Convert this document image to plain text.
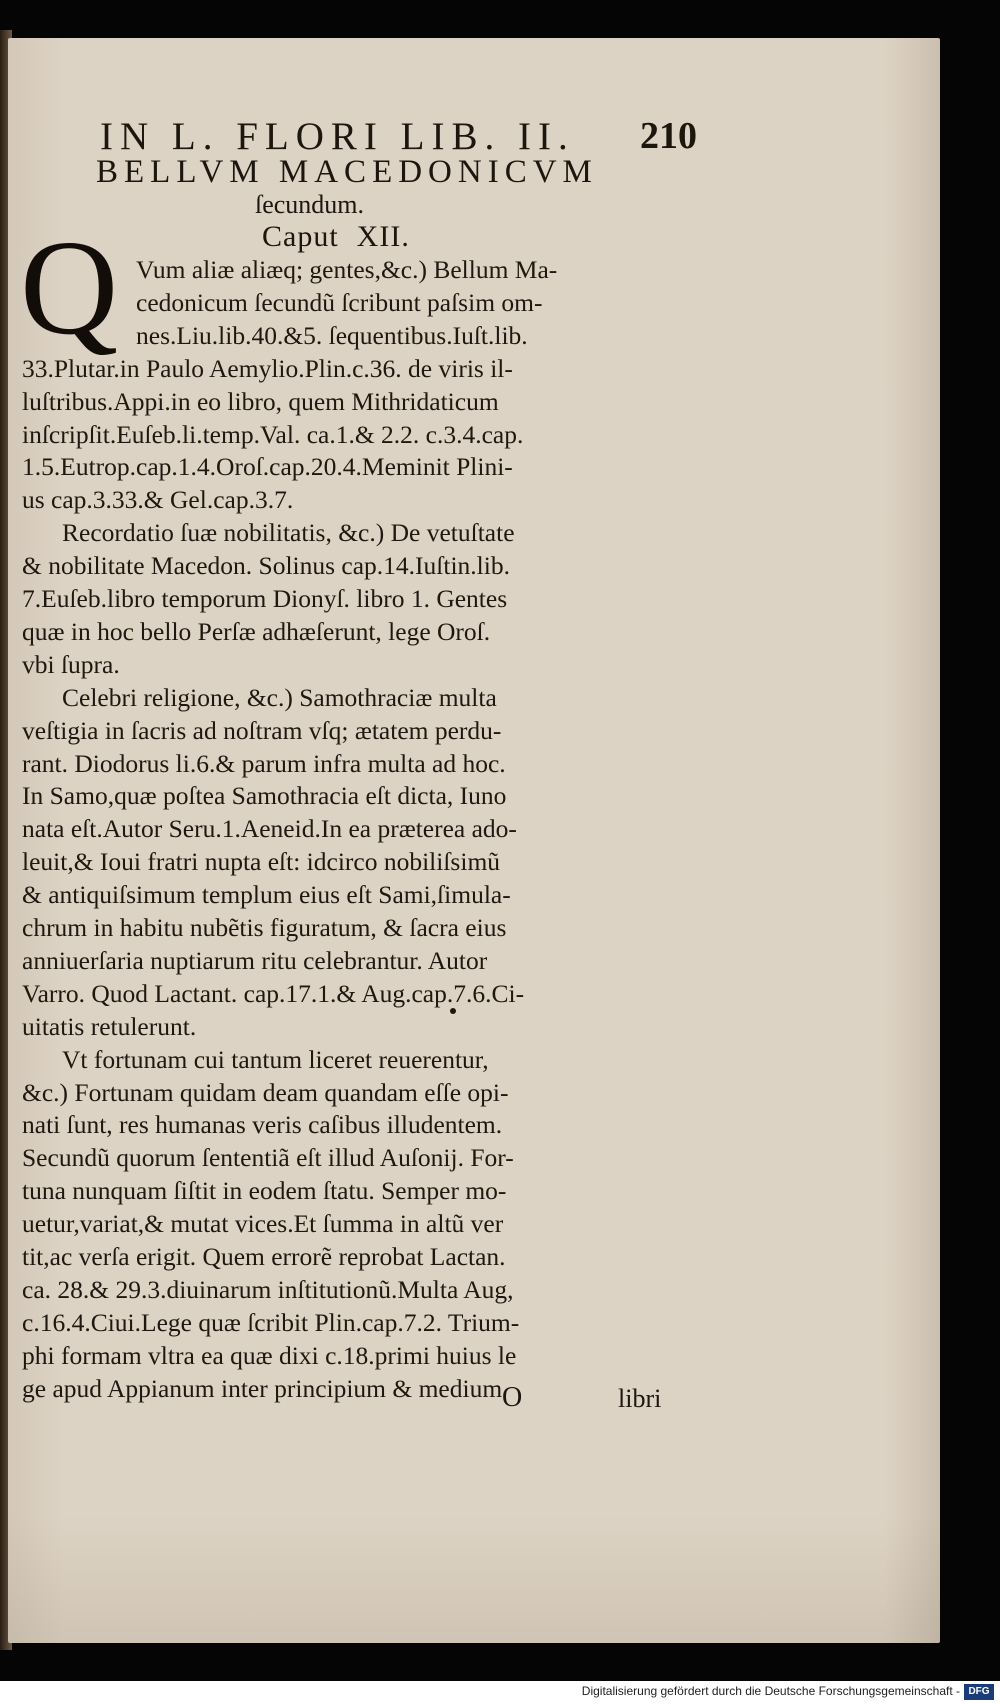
IN L. FLORI LIB. II.	210
BELLVM MACEDONICVM
ſecundum.
Caput XII.
Q Vum aliæ aliæq; gentes,&c.) Bellum Ma-
cedonicum ſecundũ ſcribunt paſsim om-
nes.Liu.lib.40.&5. ſequentibus.Iuſt.lib.
33.Plutar.in Paulo Aemylio.Plin.c.36. de viris il-
luſtribus.Appi.in eo libro, quem Mithridaticum
inſcripſit.Euſeb.li.temp.Val. ca.1.& 2.2. c.3.4.cap.
1.5.Eutrop.cap.1.4.Oroſ.cap.20.4.Meminit Plini-
us cap.3.33.& Gel.cap.3.7.
Recordatio ſuæ nobilitatis, &c.) De vetuſtate
& nobilitate Macedon. Solinus cap.14.Iuſtin.lib.
7.Euſeb.libro temporum Dionyſ. libro 1. Gentes
quæ in hoc bello Perſæ adhæſerunt, lege Oroſ.
vbi ſupra.
Celebri religione, &c.) Samothraciæ multa
veſtigia in ſacris ad noſtram vſq; ætatem perdu-
rant. Diodorus li.6.& parum infra multa ad hoc.
In Samo,quæ poſtea Samothracia eſt dicta, Iuno
nata eſt.Autor Seru.1.Aeneid.In ea præterea ado-
leuit,& Ioui fratri nupta eſt: idcirco nobiliſsimũ
& antiquiſsimum templum eius eſt Sami,ſimula-
chrum in habitu nubẽtis figuratum, & ſacra eius
anniuerſaria nuptiarum ritu celebrantur. Autor
Varro. Quod Lactant. cap.17.1.& Aug.cap.7.6.Ci-
uitatis retulerunt.
Vt fortunam cui tantum liceret reuerentur,
&c.) Fortunam quidam deam quandam eſſe opi-
nati ſunt, res humanas veris caſibus illudentem.
Secundũ quorum ſententiã eſt illud Auſonij. For-
tuna nunquam ſiſtit in eodem ſtatu. Semper mo-
uetur,variat,& mutat vices.Et ſumma in altũ ver
tit,ac verſa erigit. Quem errorẽ reprobat Lactan.
ca. 28.& 29.3.diuinarum inſtitutionũ.Multa Aug,
c.16.4.Ciui.Lege quæ ſcribit Plin.cap.7.2. Trium-
phi formam vltra ea quæ dixi c.18.primi huius le
ge apud Appianum inter principium & medium O	libri
Digitalisierung gefördert durch die Deutsche Forschungsgemeinschaft - DFG
